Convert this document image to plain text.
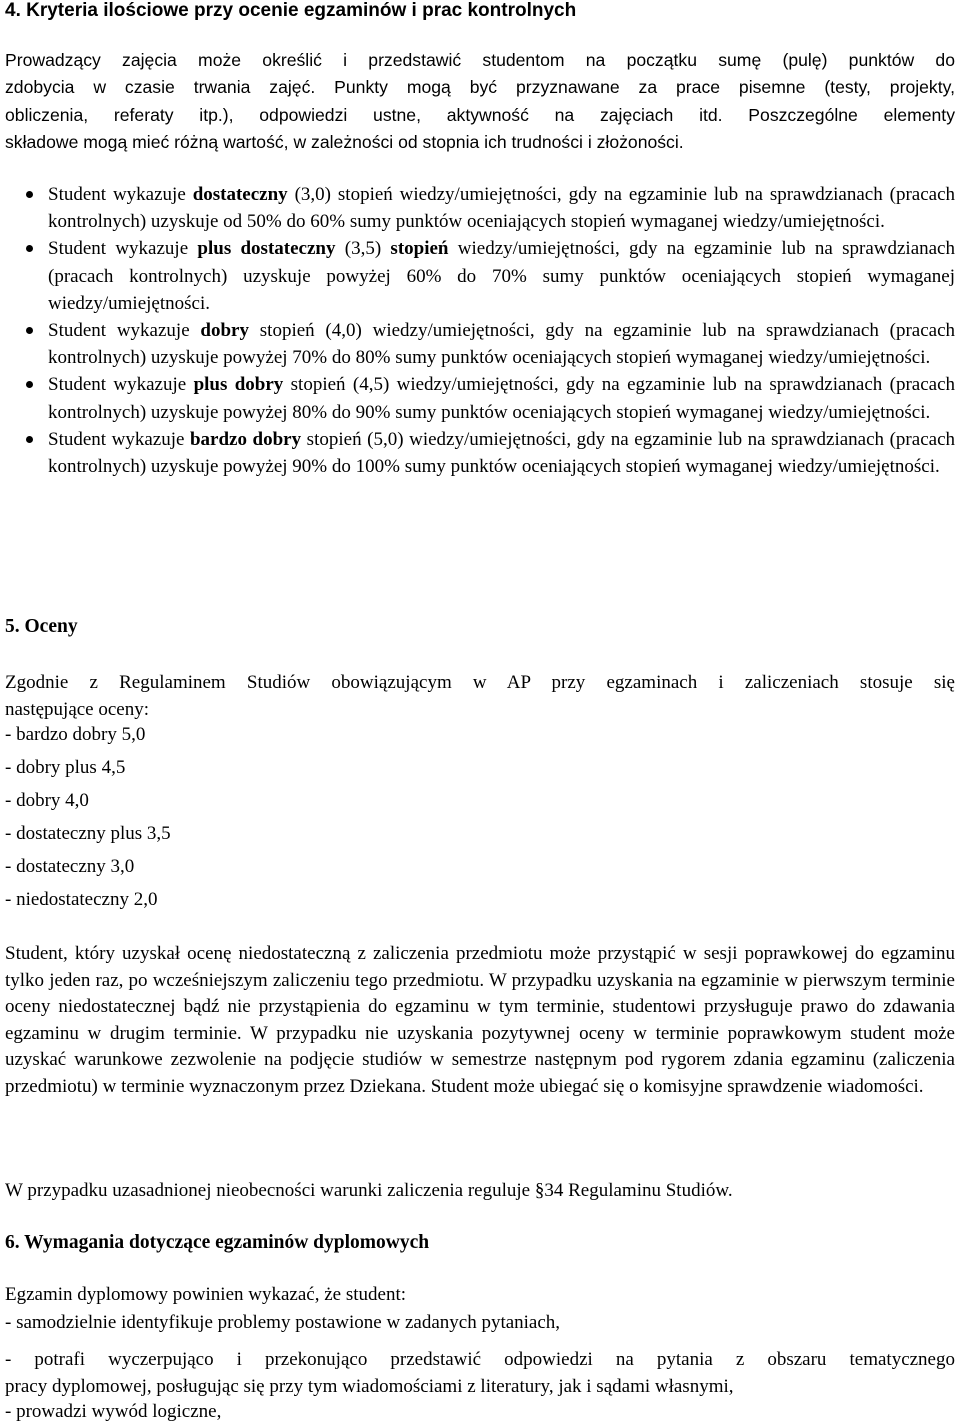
4. Kryteria ilościowe przy ocenie egzaminów i prac kontrolnych

Prowadzący zajęcia może określić i przedstawić studentom na początku sumę (pulę) punktów do
zdobycia w czasie trwania zajęć. Punkty mogą być przyznawane za prace pisemne (testy, projekty,
obliczenia, referaty itp.), odpowiedzi ustne, aktywność na zajęciach itd. Poszczególne elementy
składowe mogą mieć różną wartość, w zależności od stopnia ich trudności i złożoności.

Student wykazuje dostateczny (3,0) stopień wiedzy/umiejętności, gdy na egzaminie lub na sprawdzianach (pracach kontrolnych) uzyskuje od 50% do 60% sumy punktów oceniających stopień wymaganej wiedzy/umiejętności.
Student wykazuje plus dostateczny (3,5) stopień wiedzy/umiejętności, gdy na egzaminie lub na sprawdzianach (pracach kontrolnych) uzyskuje powyżej 60% do 70% sumy punktów oceniających stopień wymaganej wiedzy/umiejętności.
Student wykazuje dobry stopień (4,0) wiedzy/umiejętności, gdy na egzaminie lub na sprawdzianach (pracach kontrolnych) uzyskuje powyżej 70% do 80% sumy punktów oceniających stopień wymaganej wiedzy/umiejętności.
Student wykazuje plus dobry stopień (4,5) wiedzy/umiejętności, gdy na egzaminie lub na sprawdzianach (pracach kontrolnych) uzyskuje powyżej 80% do 90% sumy punktów oceniających stopień wymaganej wiedzy/umiejętności.
Student wykazuje bardzo dobry stopień (5,0) wiedzy/umiejętności, gdy na egzaminie lub na sprawdzianach (pracach kontrolnych) uzyskuje powyżej 90% do 100% sumy punktów oceniających stopień wymaganej wiedzy/umiejętności.
5. Oceny

Zgodnie z Regulaminem Studiów obowiązującym w AP przy egzaminach i zaliczeniach stosuje się
następujące oceny:

- bardzo dobry 5,0
- dobry plus 4,5
- dobry 4,0
- dostateczny plus 3,5
- dostateczny 3,0
- niedostateczny 2,0

Student, który uzyskał ocenę niedostateczną z zaliczenia przedmiotu może przystąpić w sesji poprawkowej do egzaminu tylko jeden raz, po wcześniejszym zaliczeniu tego przedmiotu. W przypadku uzyskania na egzaminie w pierwszym terminie oceny niedostatecznej bądź nie przystąpienia do egzaminu w tym terminie, studentowi przysługuje prawo do zdawania egzaminu w drugim terminie. W przypadku nie uzyskania pozytywnej oceny w terminie poprawkowym student może uzyskać warunkowe zezwolenie na podjęcie studiów w semestrze następnym pod rygorem zdania egzaminu (zaliczenia przedmiotu) w terminie wyznaczonym przez Dziekana. Student może ubiegać się o komisyjne sprawdzenie wiadomości.

W przypadku uzasadnionej nieobecności warunki zaliczenia reguluje §34 Regulaminu Studiów.

6. Wymagania dotyczące egzaminów dyplomowych

Egzamin dyplomowy powinien wykazać, że student:

- samodzielnie identyfikuje problemy postawione w zadanych pytaniach,

- potrafi wyczerpująco i przekonująco przedstawić odpowiedzi na pytania z obszaru tematycznego
pracy dyplomowej, posługując się przy tym wiadomościami z literatury, jak i sądami własnymi,

- prowadzi wywód logiczne,
